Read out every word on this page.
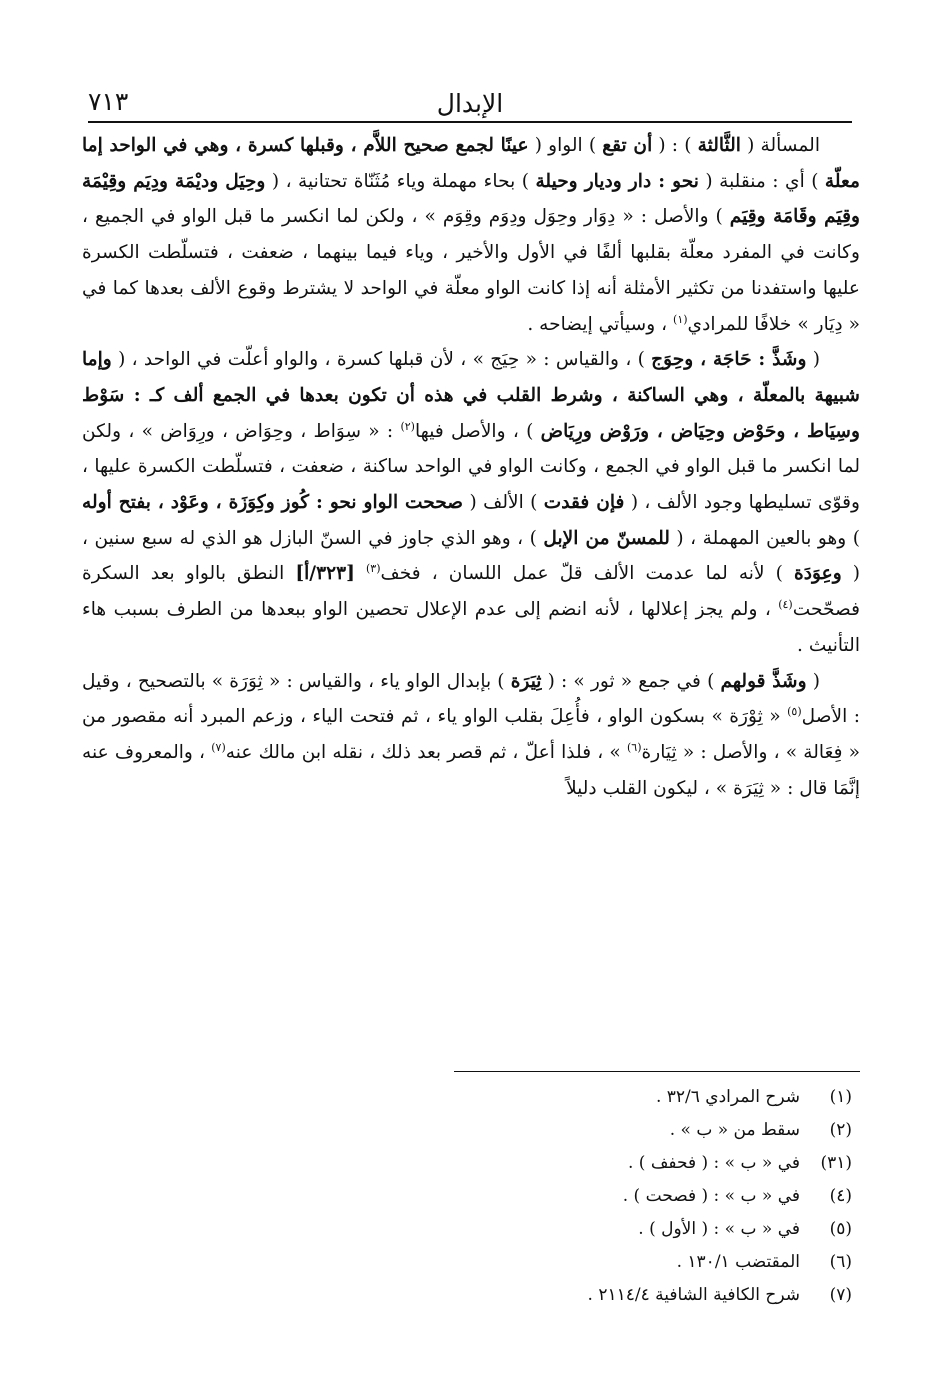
الإبدال
٧١٣

المسألة ( الثَّالثة ) : ( أن تقع ) الواو ( عينًا لجمع صحيح اللاَّم ، وقبلها كسرة ، وهي في الواحد إما معلّة ) أي : منقلبة ( نحو : دار وديار وحيلة ) بحاء مهملة وياء مُثَنّاة تحتانية ، ( وحِيَل وديْمَة ودِيَم وقِيْمَة وقِيَم وقَامَة وقِيَم ) والأصل : « دِوَار وحِوَل ودِوَم وقِوَم » ، ولكن لما انكسر ما قبل الواو في الجميع ، وكانت في المفرد معلّة بقلبها ألفًا في الأول والأخير ، وياء فيما بينهما ، ضعفت ، فتسلّطت الكسرة عليها واستفدنا من تكثير الأمثلة أنه إذا كانت الواو معلّة في الواحد لا يشترط وقوع الألف بعدها كما في « دِيَار » خلافًا للمرادي$^{(١)}$ ، وسيأتي إيضاحه .

( وشَذَّ : حَاجَة ، وحِوَج ) ، والقياس : « حِيَج » ، لأن قبلها كسرة ، والواو أعلّت في الواحد ، ( وإما شبيهة بالمعلّة ، وهي الساكنة ، وشرط القلب في هذه أن تكون بعدها في الجمع ألف كـ : سَوْط وسِيَاط ، وحَوْض وحِيَاض ، ورَوْض ورِيَاض ) ، والأصل فيها$^{(٢)}$ : « سِوَاط ، وحِوَاض ، ورِوَاض » ، ولكن لما انكسر ما قبل الواو في الجمع ، وكانت الواو في الواحد ساكنة ، ضعفت ، فتسلّطت الكسرة عليها ، وقوّى تسليطها وجود الألف ، ( فإن فقدت ) الألف ( صححت الواو نحو : كُوز وكِوَزَة ، وعَوْد ، بفتح أوله ) وهو بالعين المهملة ، ( للمسنّ من الإبل ) ، وهو الذي جاوز في السنّ البازل هو الذي له سبع سنين ، ( وعِوَدَة ) لأنه لما عدمت الألف قلّ عمل اللسان ، فخف$^{(٣)}$ [٣٢٣/أ] النطق بالواو بعد السكرة فصحّحت$^{(٤)}$ ، ولم يجز إعلالها ، لأنه انضم إلى عدم الإعلال تحصين الواو ببعدها من الطرف بسبب هاء التأنيث .

( وشَذَّ قولهم ) في جمع « ثور » : ( ثِيَرَة ) بإبدال الواو ياء ، والقياس : « ثِوَرَة » بالتصحيح ، وقيل : الأصل$^{(٥)}$ « ثِوْرَة » بسكون الواو ، فأُعِلَ بقلب الواو ياء ، ثم فتحت الياء ، وزعم المبرد أنه مقصور من « فِعَالة » ، والأصل : « ثِيَارة$^{(٦)}$ » ، فلذا أعلّ ، ثم قصر بعد ذلك ، نقله ابن مالك عنه$^{(٧)}$ ، والمعروف عنه إنَّمَا قال : « ثِيَرَة » ، ليكون القلب دليلاً

(١)
شرح المرادي ٣٢/٦ .
(٢)
سقط من « ب » .
(٣١)
في « ب » : ( فحفف ) .
(٤)
في « ب » : ( فصحت ) .
(٥)
في « ب » : ( الأول ) .
(٦)
المقتضب ١٣٠/١ .
(٧)
شرح الكافية الشافية ٢١١٤/٤ .
